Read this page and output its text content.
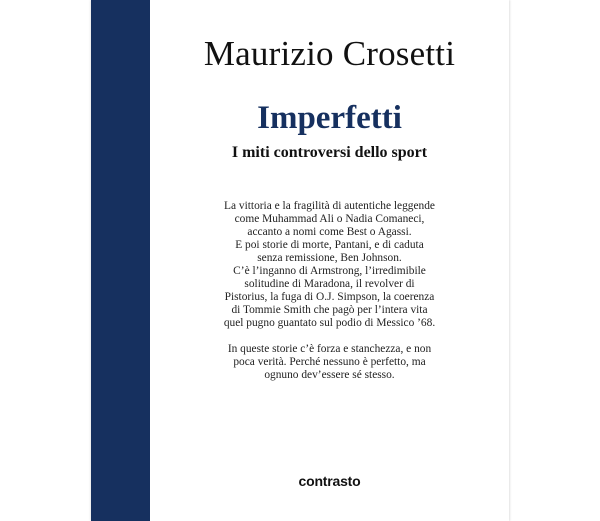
Maurizio Crosetti
Imperfetti
I miti controversi dello sport

La vittoria e la fragilità di autentiche leggende
come Muhammad Ali o Nadia Comaneci,
accanto a nomi come Best o Agassi.
E poi storie di morte, Pantani, e di caduta
senza remissione, Ben Johnson.
C’è l’inganno di Armstrong, l’irredimibile
solitudine di Maradona, il revolver di
Pistorius, la fuga di O.J. Simpson, la coerenza
di Tommie Smith che pagò per l’intera vita
quel pugno guantato sul podio di Messico ’68.

In queste storie c’è forza e stanchezza, e non
poca verità. Perché nessuno è perfetto, ma
ognuno dev’essere sé stesso.

contrasto
